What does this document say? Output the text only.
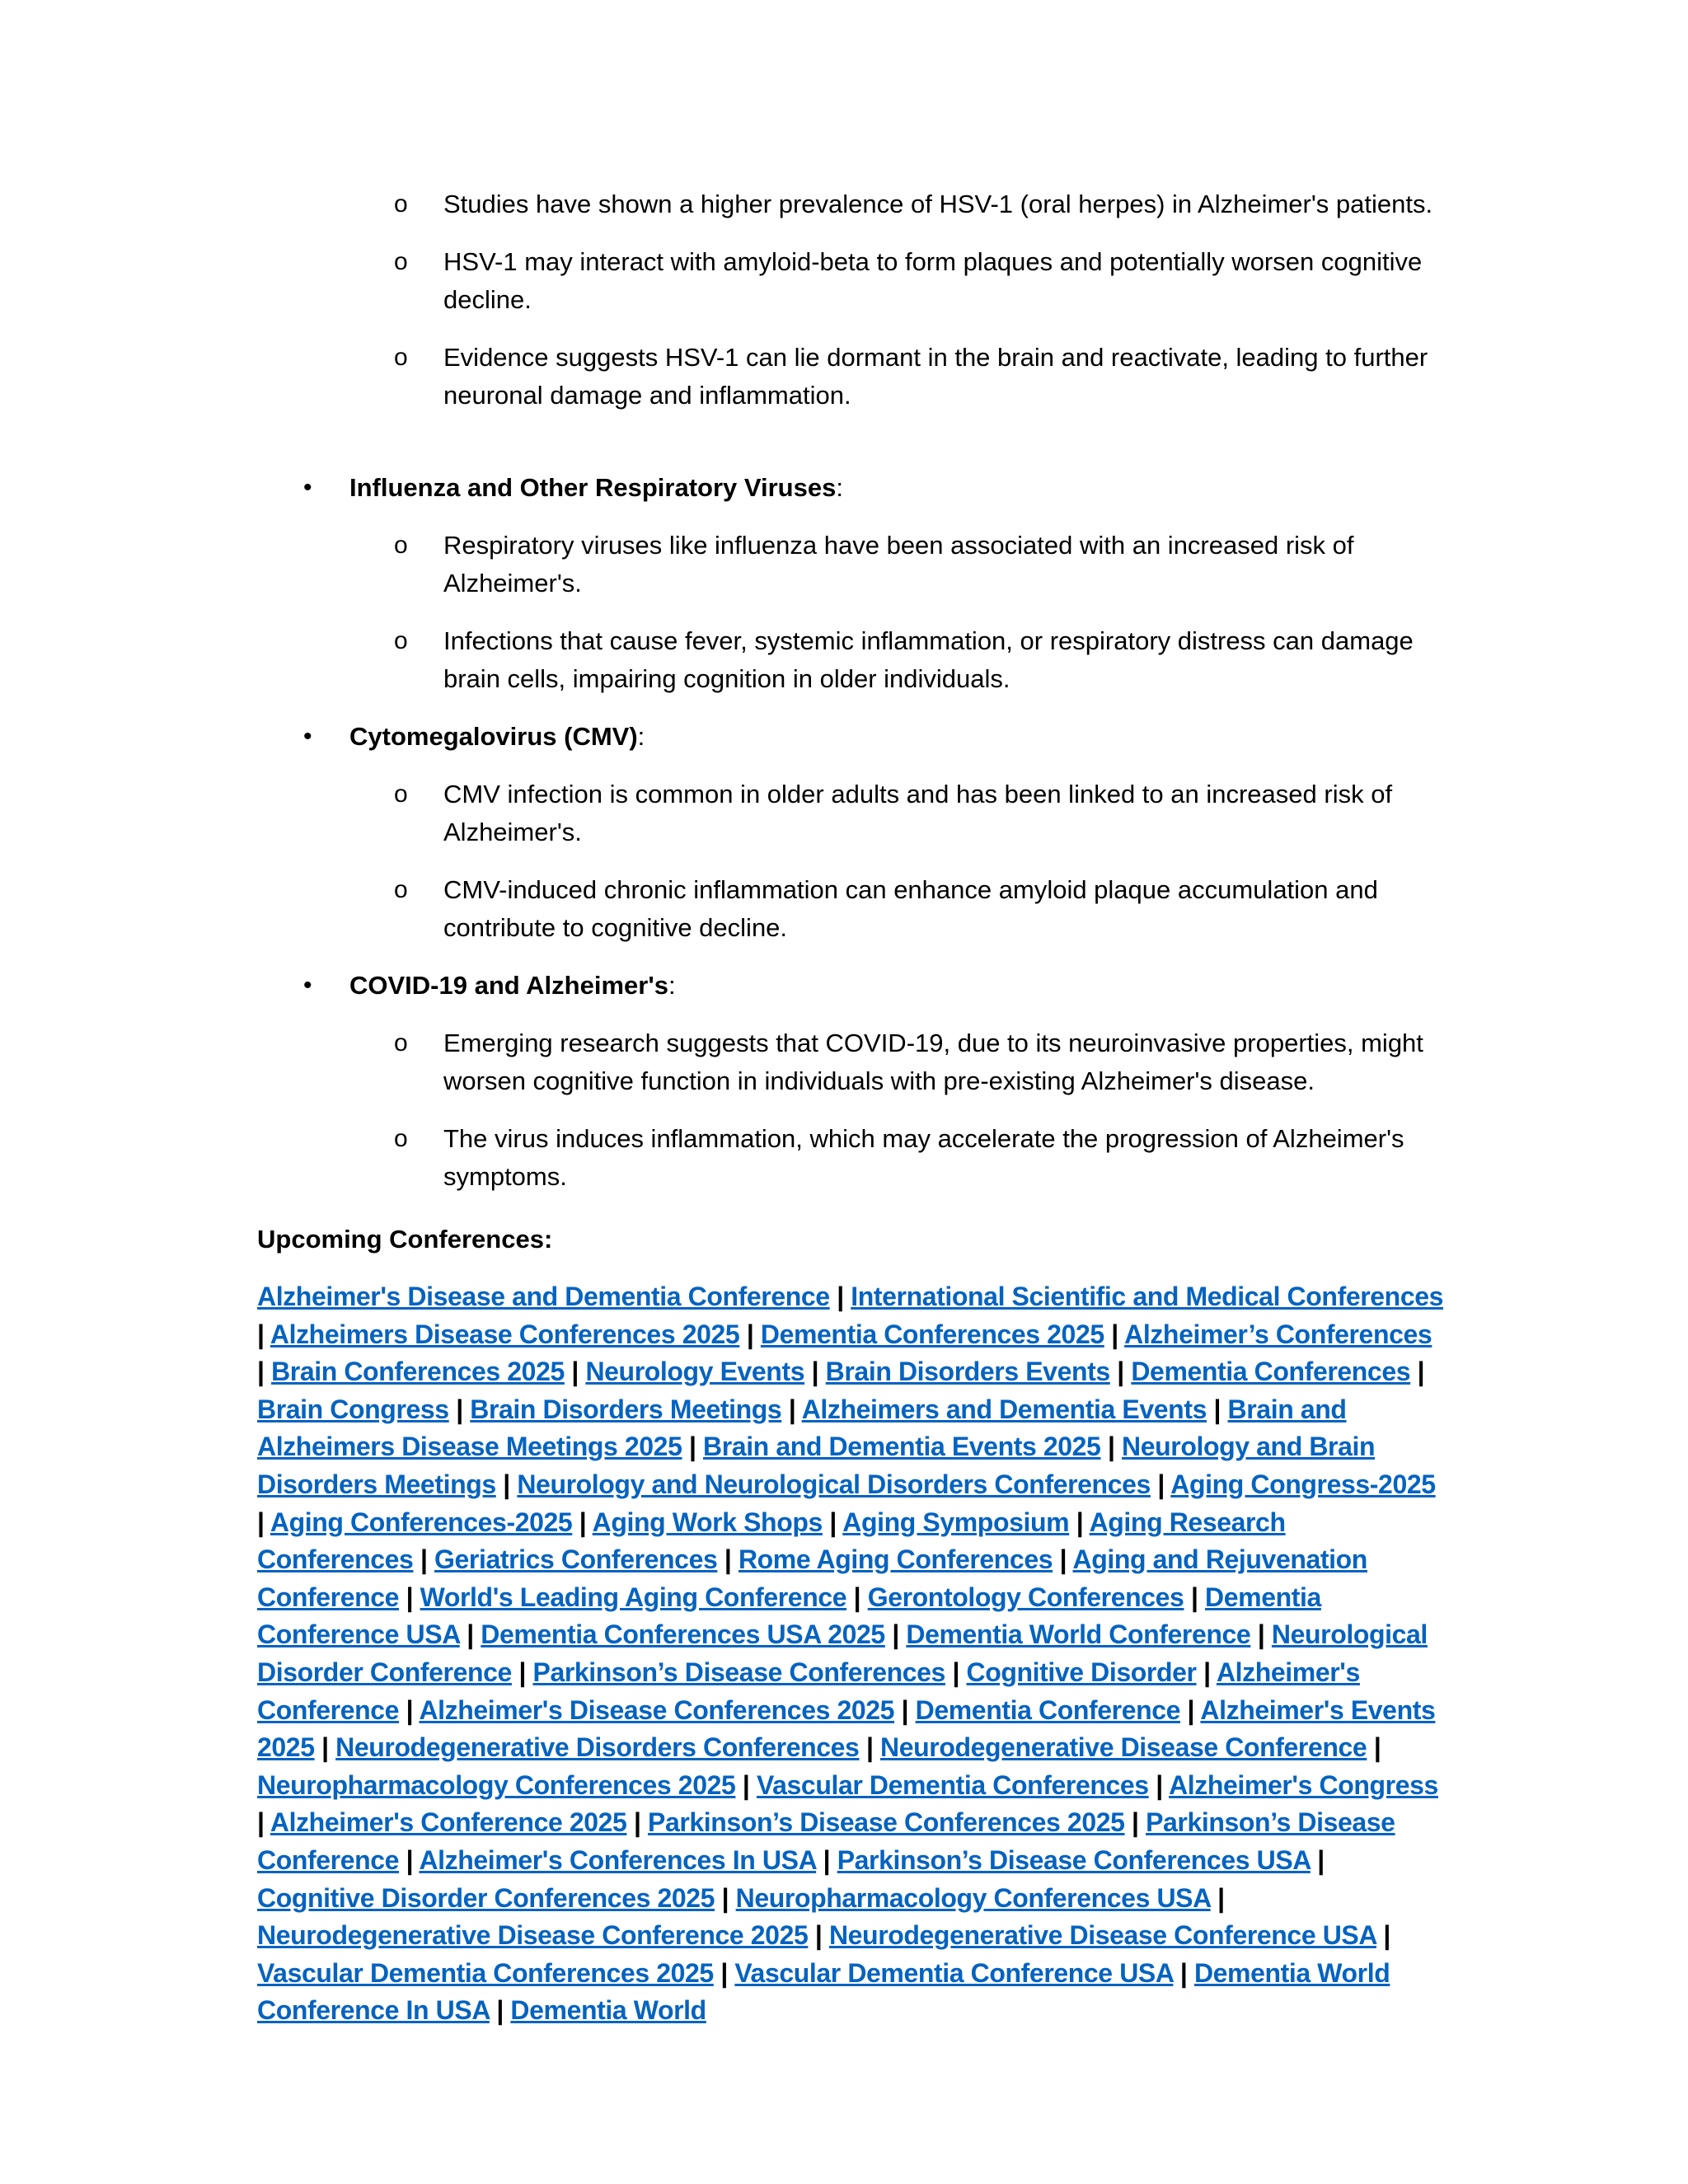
o Studies have shown a higher prevalence of HSV-1 (oral herpes) in Alzheimer's patients.
o HSV-1 may interact with amyloid-beta to form plaques and potentially worsen cognitive decline.
o Evidence suggests HSV-1 can lie dormant in the brain and reactivate, leading to further neuronal damage and inflammation.
• Influenza and Other Respiratory Viruses:
o Respiratory viruses like influenza have been associated with an increased risk of Alzheimer's.
o Infections that cause fever, systemic inflammation, or respiratory distress can damage brain cells, impairing cognition in older individuals.
• Cytomegalovirus (CMV):
o CMV infection is common in older adults and has been linked to an increased risk of Alzheimer's.
o CMV-induced chronic inflammation can enhance amyloid plaque accumulation and contribute to cognitive decline.
• COVID-19 and Alzheimer's:
o Emerging research suggests that COVID-19, due to its neuroinvasive properties, might worsen cognitive function in individuals with pre-existing Alzheimer's disease.
o The virus induces inflammation, which may accelerate the progression of Alzheimer's symptoms.
Upcoming Conferences:
Alzheimer's Disease and Dementia Conference | International Scientific and Medical Conferences | Alzheimers Disease Conferences 2025 | Dementia Conferences 2025 | Alzheimer’s Conferences | Brain Conferences 2025 | Neurology Events | Brain Disorders Events | Dementia Conferences | Brain Congress | Brain Disorders Meetings | Alzheimers and Dementia Events | Brain and Alzheimers Disease Meetings 2025 | Brain and Dementia Events 2025 | Neurology and Brain Disorders Meetings | Neurology and Neurological Disorders Conferences | Aging Congress-2025 | Aging Conferences-2025 | Aging Work Shops | Aging Symposium | Aging Research Conferences | Geriatrics Conferences | Rome Aging Conferences | Aging and Rejuvenation Conference | World's Leading Aging Conference | Gerontology Conferences | Dementia Conference USA | Dementia Conferences USA 2025 | Dementia World Conference | Neurological Disorder Conference | Parkinson’s Disease Conferences | Cognitive Disorder | Alzheimer's Conference | Alzheimer's Disease Conferences 2025 | Dementia Conference | Alzheimer's Events 2025 | Neurodegenerative Disorders Conferences | Neurodegenerative Disease Conference | Neuropharmacology Conferences 2025 | Vascular Dementia Conferences | Alzheimer's Congress | Alzheimer's Conference 2025 | Parkinson’s Disease Conferences 2025 | Parkinson’s Disease Conference | Alzheimer's Conferences In USA | Parkinson’s Disease Conferences USA | Cognitive Disorder Conferences 2025 | Neuropharmacology Conferences USA | Neurodegenerative Disease Conference 2025 | Neurodegenerative Disease Conference USA | Vascular Dementia Conferences 2025 | Vascular Dementia Conference USA | Dementia World Conference In USA | Dementia World
